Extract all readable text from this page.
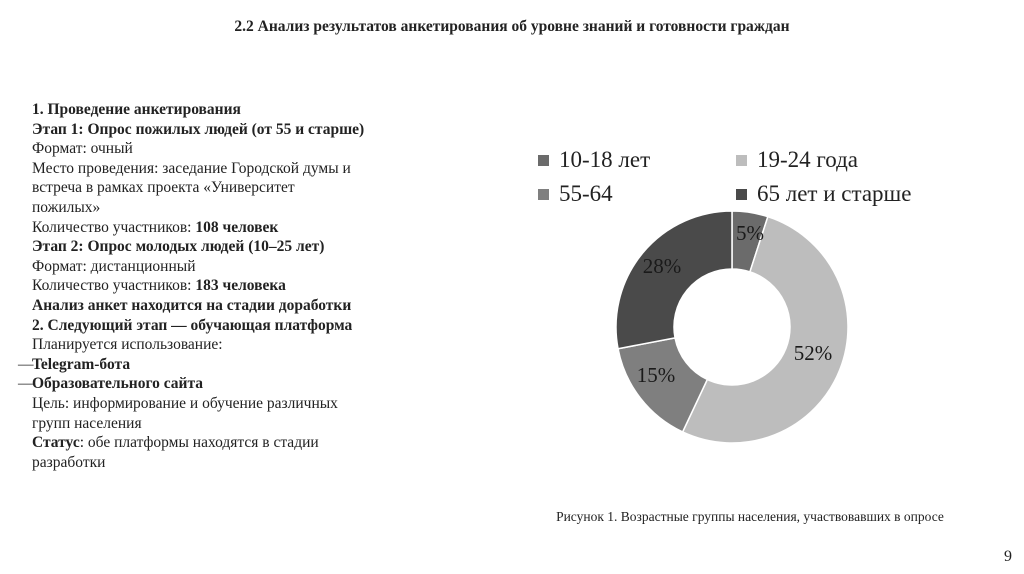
2.2 Анализ результатов анкетирования об уровне знаний и готовности граждан
1. Проведение анкетирования
Этап 1: Опрос пожилых людей (от 55 и старше)
Формат: очный
Место проведения: заседание Городской думы и
встреча в рамках проекта «Университет
пожилых»
Количество участников: 108 человек
Этап 2: Опрос молодых людей (10–25 лет)
Формат: дистанционный
Количество участников: 183 человека
Анализ анкет находится на стадии доработки
2. Следующий этап — обучающая платформа
Планируется использование:
—
Telegram-бота
—
Образовательного сайта
Цель: информирование и обучение различных
групп населения
Статус: обе платформы находятся в стадии
разработки
10-18 лет	19-24 года
55-64	65 лет и старше
5%
52%
15%
28%
Рисунок 1. Возрастные группы населения, участвовавших в опросе
9
